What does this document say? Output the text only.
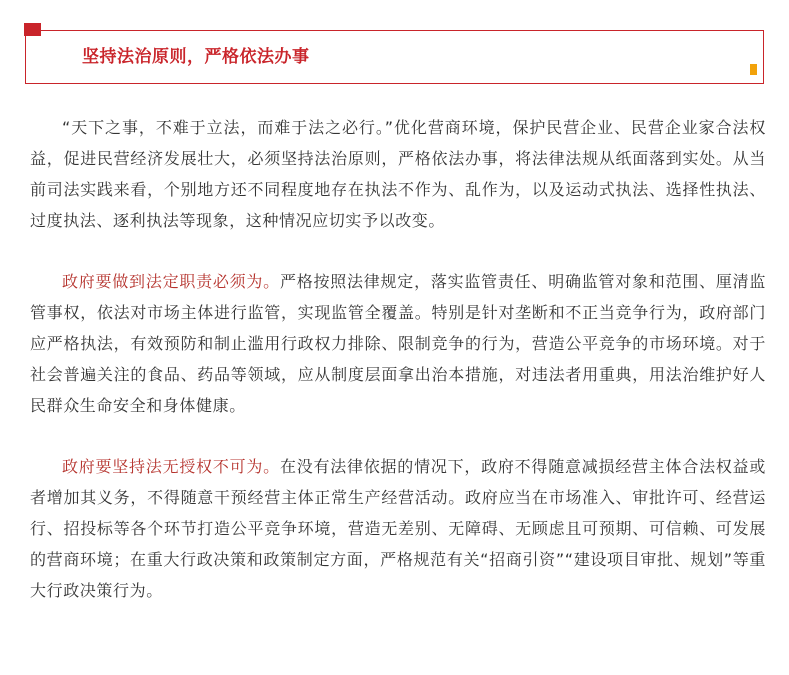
坚持法治原则，严格依法办事

“天下之事，不难于立法，而难于法之必行。”优化营商环境，保护民营企业、民营企业家合法权益，促进民营经济发展壮大，必须坚持法治原则，严格依法办事，将法律法规从纸面落到实处。从当前司法实践来看，个别地方还不同程度地存在执法不作为、乱作为，以及运动式执法、选择性执法、过度执法、逐利执法等现象，这种情况应切实予以改变。

政府要做到法定职责必须为。严格按照法律规定，落实监管责任、明确监管对象和范围、厘清监管事权，依法对市场主体进行监管，实现监管全覆盖。特别是针对垄断和不正当竞争行为，政府部门应严格执法，有效预防和制止滥用行政权力排除、限制竞争的行为，营造公平竞争的市场环境。对于社会普遍关注的食品、药品等领域，应从制度层面拿出治本措施，对违法者用重典，用法治维护好人民群众生命安全和身体健康。

政府要坚持法无授权不可为。在没有法律依据的情况下，政府不得随意减损经营主体合法权益或者增加其义务，不得随意干预经营主体正常生产经营活动。政府应当在市场准入、审批许可、经营运行、招投标等各个环节打造公平竞争环境，营造无差别、无障碍、无顾虑且可预期、可信赖、可发展的营商环境；在重大行政决策和政策制定方面，严格规范有关“招商引资”“建设项目审批、规划”等重大行政决策行为。
